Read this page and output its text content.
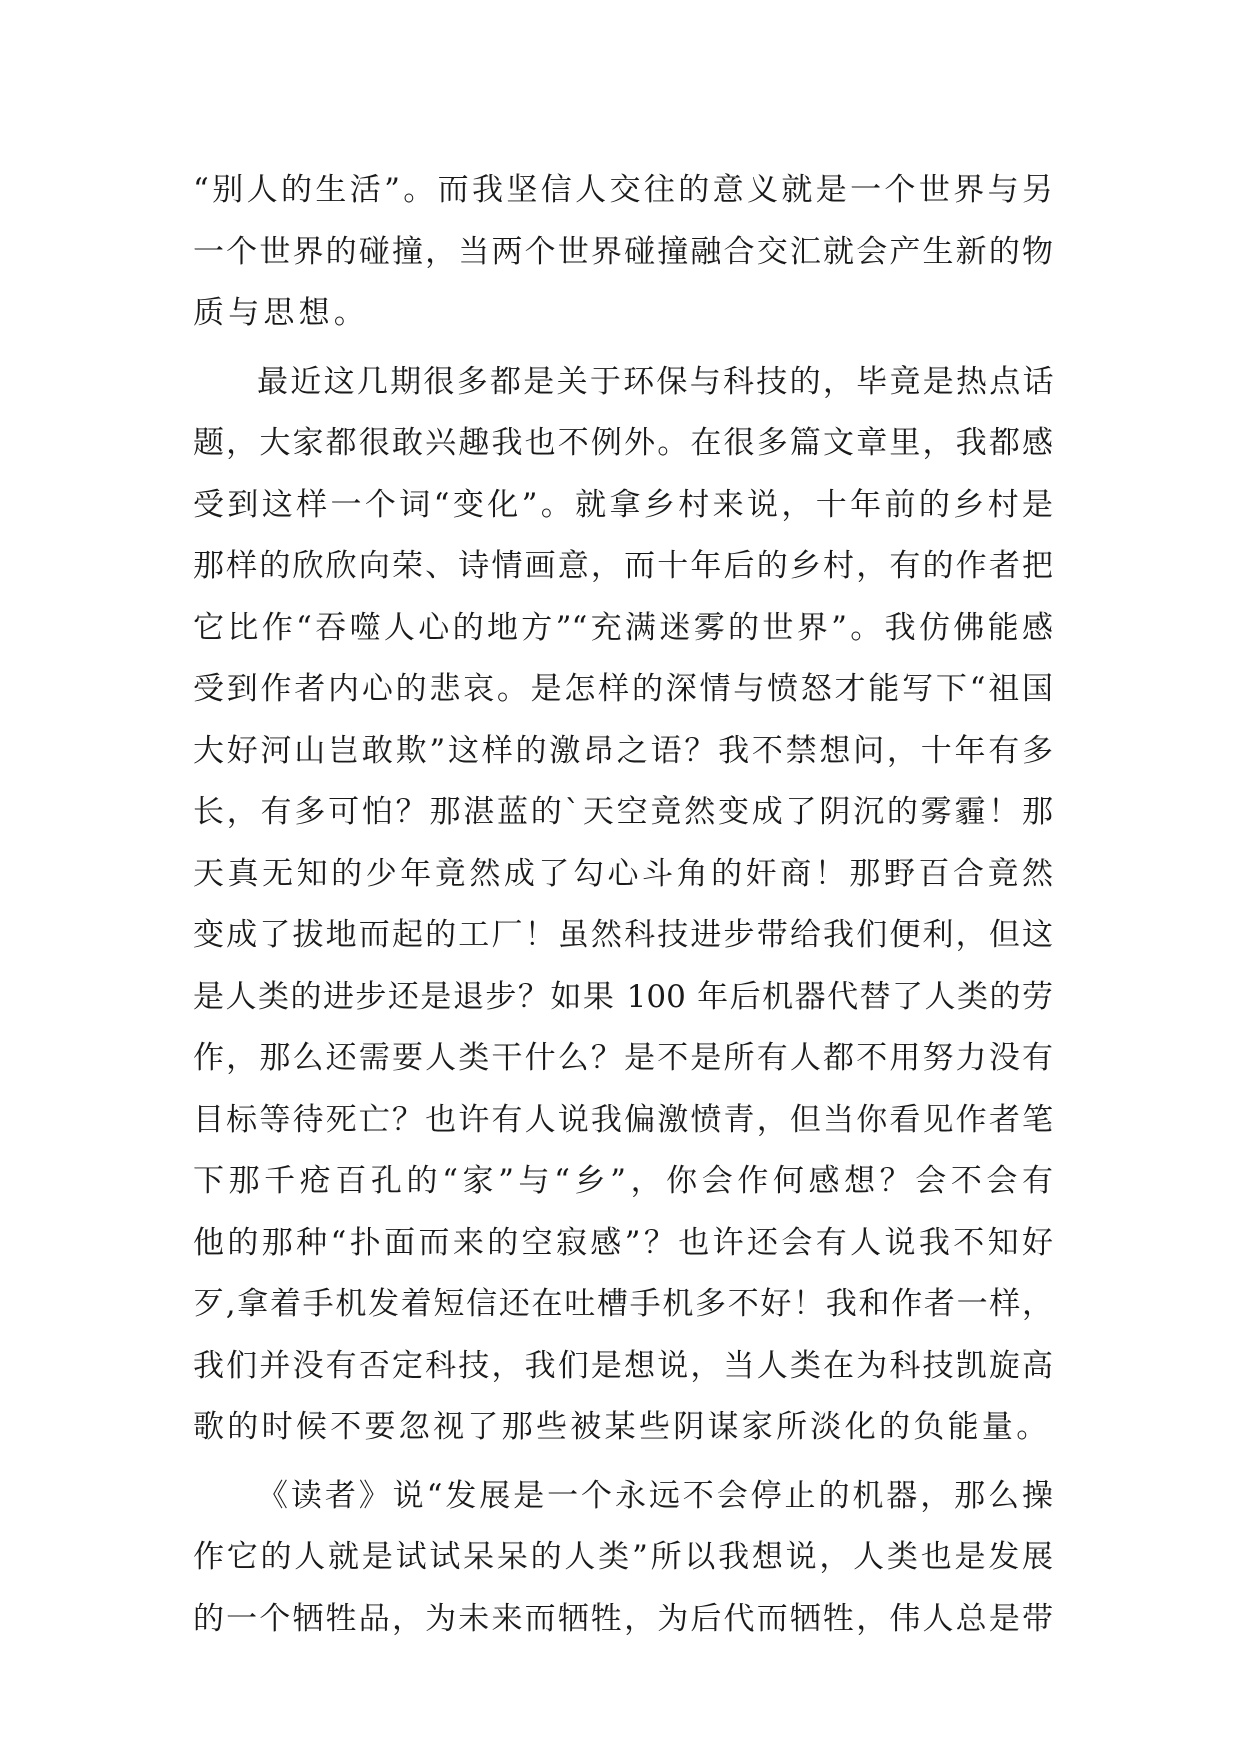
“别人的生活”。而我坚信人交往的意义就是一个世界与另
一个世界的碰撞，当两个世界碰撞融合交汇就会产生新的物
质与思想。
最近这几期很多都是关于环保与科技的，毕竟是热点话
题，大家都很敢兴趣我也不例外。在很多篇文章里，我都感
受到这样一个词“变化”。就拿乡村来说，十年前的乡村是
那样的欣欣向荣、诗情画意，而十年后的乡村，有的作者把
它比作“吞噬人心的地方”“充满迷雾的世界”。我仿佛能感
受到作者内心的悲哀。是怎样的深情与愤怒才能写下“祖国
大好河山岂敢欺”这样的激昂之语？我不禁想问，十年有多
长，有多可怕？那湛蓝的`天空竟然变成了阴沉的雾霾！那
天真无知的少年竟然成了勾心斗角的奸商！那野百合竟然
变成了拔地而起的工厂！虽然科技进步带给我们便利，但这
是人类的进步还是退步？如果 100 年后机器代替了人类的劳
作，那么还需要人类干什么？是不是所有人都不用努力没有
目标等待死亡？也许有人说我偏激愤青，但当你看见作者笔
下那千疮百孔的“家”与“乡”，你会作何感想？会不会有
他的那种“扑面而来的空寂感”？也许还会有人说我不知好
歹,拿着手机发着短信还在吐槽手机多不好！我和作者一样，
我们并没有否定科技，我们是想说，当人类在为科技凯旋高
歌的时候不要忽视了那些被某些阴谋家所淡化的负能量。
《读者》说“发展是一个永远不会停止的机器，那么操
作它的人就是试试呆呆的人类”所以我想说，人类也是发展
的一个牺牲品，为未来而牺牲，为后代而牺牲，伟人总是带
